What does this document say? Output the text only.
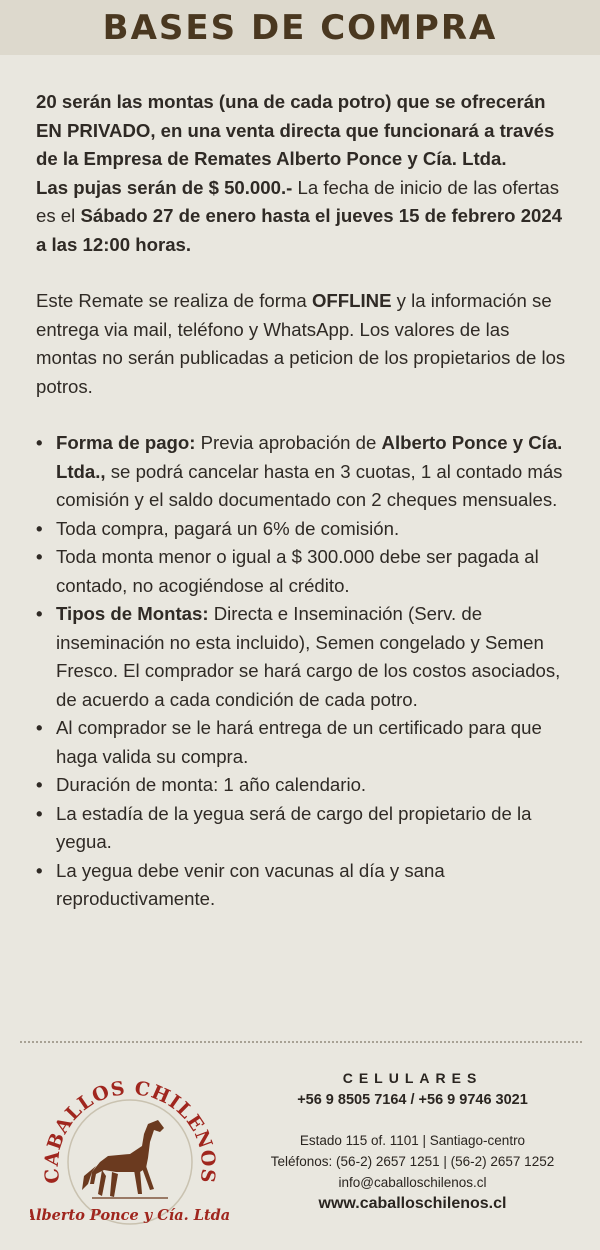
BASES DE COMPRA

20 serán las montas (una de cada potro) que se ofrecerán EN PRIVADO, en una venta directa que funcionará a través de la Empresa de Remates Alberto Ponce y Cía. Ltda.
Las pujas serán de $ 50.000.- La fecha de inicio de las ofertas es el Sábado 27 de enero hasta el jueves 15 de febrero 2024 a las 12:00 horas.

Este Remate se realiza de forma OFFLINE y la información se entrega via mail, teléfono y WhatsApp. Los valores de las montas no serán publicadas a peticion de los propietarios de los potros.

• Forma de pago: Previa aprobación de Alberto Ponce y Cía. Ltda., se podrá cancelar hasta en 3 cuotas, 1 al contado más comisión y el saldo documentado con 2 cheques mensuales.
• Toda compra, pagará un 6% de comisión.
• Toda monta menor o igual a $ 300.000 debe ser pagada al contado, no acogiéndose al crédito.
• Tipos de Montas: Directa e Inseminación (Serv. de inseminación no esta incluido), Semen congelado y Semen Fresco. El comprador se hará cargo de los costos asociados, de acuerdo a cada condición de cada potro.
• Al comprador se le hará entrega de un certificado para que haga valida su compra.
• Duración de monta: 1 año calendario.
• La estadía de la yegua será de cargo del propietario de la yegua.
• La yegua debe venir con vacunas al día y sana reproductivamente.
CABALLOS CHILENOS
Alberto Ponce y Cía. Ltda.
CELULARES
+56 9 8505 7164 / +56 9 9746 3021
Estado 115 of. 1101 | Santiago-centro
Teléfonos: (56-2) 2657 1251 | (56-2) 2657 1252
info@caballoschilenos.cl
www.caballoschilenos.cl
